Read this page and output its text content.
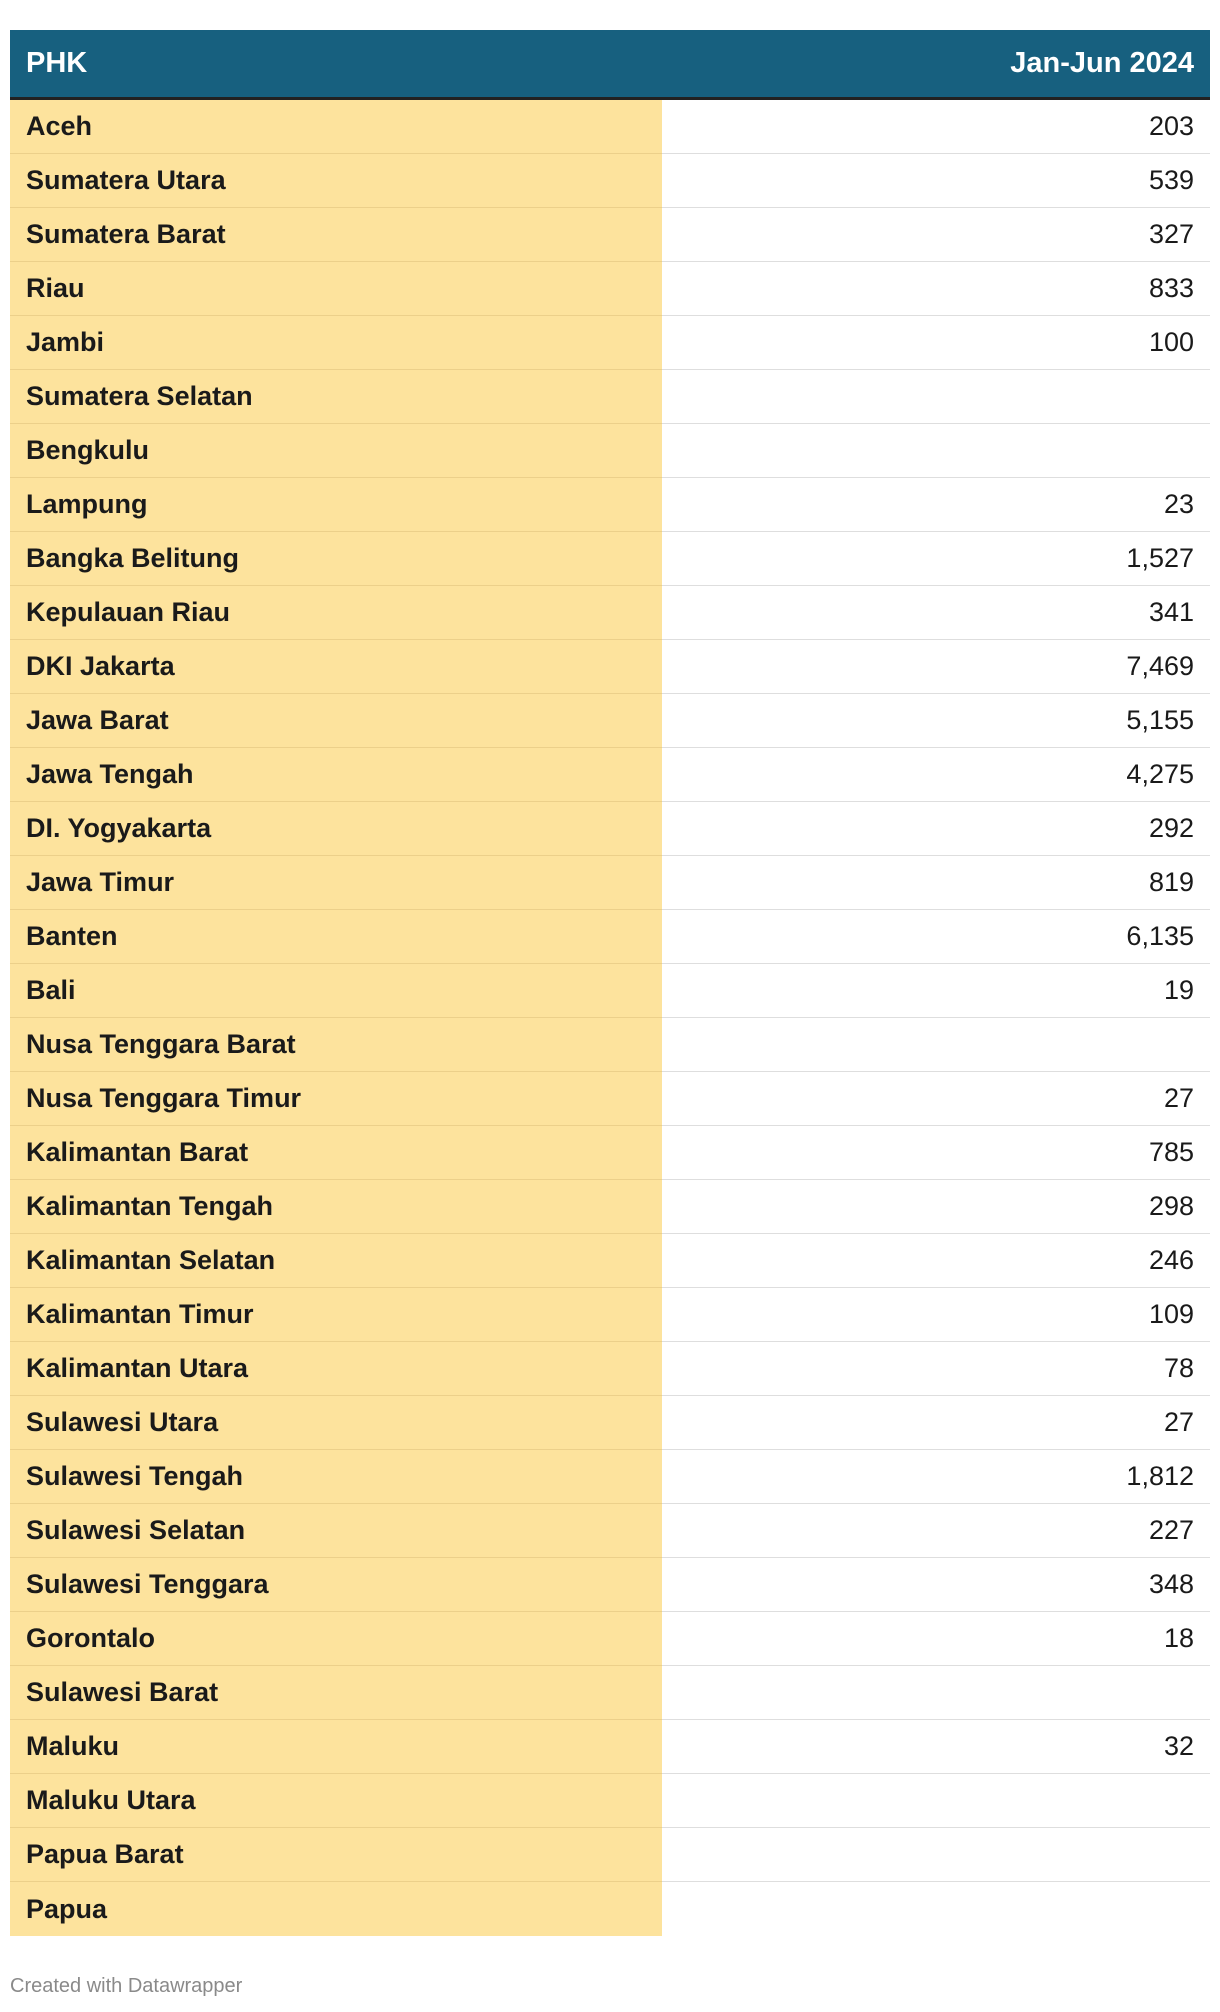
PHK	Jan-Jun 2024
Aceh	203
Sumatera Utara	539
Sumatera Barat	327
Riau	833
Jambi	100
Sumatera Selatan
Bengkulu
Lampung	23
Bangka Belitung	1,527
Kepulauan Riau	341
DKI Jakarta	7,469
Jawa Barat	5,155
Jawa Tengah	4,275
DI. Yogyakarta	292
Jawa Timur	819
Banten	6,135
Bali	19
Nusa Tenggara Barat
Nusa Tenggara Timur	27
Kalimantan Barat	785
Kalimantan Tengah	298
Kalimantan Selatan	246
Kalimantan Timur	109
Kalimantan Utara	78
Sulawesi Utara	27
Sulawesi Tengah	1,812
Sulawesi Selatan	227
Sulawesi Tenggara	348
Gorontalo	18
Sulawesi Barat
Maluku	32
Maluku Utara
Papua Barat
Papua
Created with Datawrapper
